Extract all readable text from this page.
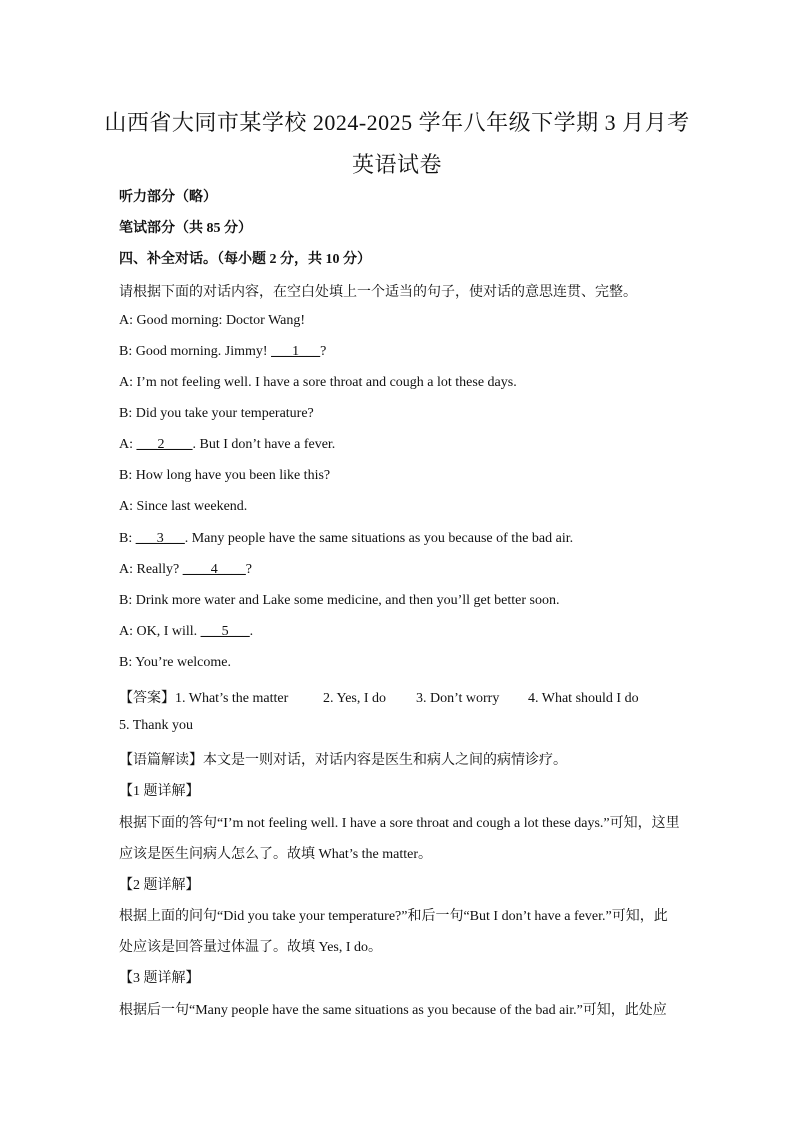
山西省大同市某学校 2024-2025 学年八年级下学期 3 月月考
英语试卷
听力部分（略）
笔试部分（共 85 分）
四、补全对话。（每小题 2 分，共 10 分）
请根据下面的对话内容，在空白处填上一个适当的句子，使对话的意思连贯、完整。
A: Good morning: Doctor Wang!
B: Good morning. Jimmy! ___1___?
A: I’m not feeling well. I have a sore throat and cough a lot these days.
B: Did you take your temperature?
A: ___2____. But I don’t have a fever.
B: How long have you been like this?
A: Since last weekend.
B: ___3___. Many people have the same situations as you because of the bad air.
A: Really? ____4____?
B: Drink more water and Lake some medicine, and then you’ll get better soon.
A: OK, I will. ___5___.
B: You’re welcome.
【答案】1. What’s the matter 2. Yes, I do 3. Don’t worry 4. What should I do
5. Thank you
【语篇解读】本文是一则对话，对话内容是医生和病人之间的病情诊疗。
【1 题详解】
根据下面的答句“I’m not feeling well. I have a sore throat and cough a lot these days.”可知，这里
应该是医生问病人怎么了。故填 What’s the matter。
【2 题详解】
根据上面的问句“Did you take your temperature?”和后一句“But I don’t have a fever.”可知，此
处应该是回答量过体温了。故填 Yes, I do。
【3 题详解】
根据后一句“Many people have the same situations as you because of the bad air.”可知，此处应
